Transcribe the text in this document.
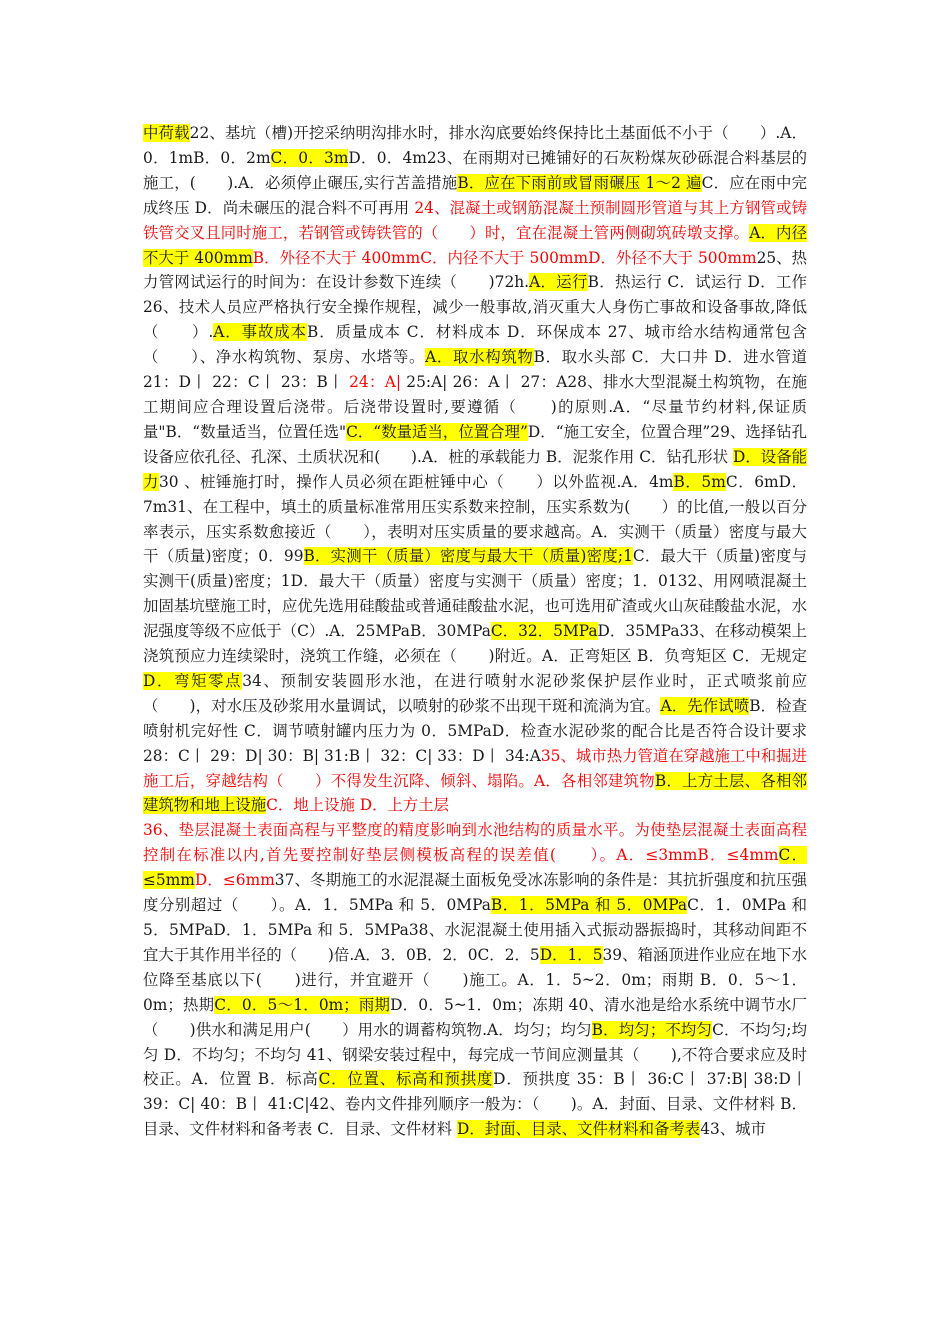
中荷载22、基坑（槽)开挖采纳明沟排水时，排水沟底要始终保持比土基面低不小于（　　）.A．0．1mB．0．2mC．0．3mD．0．4m23、在雨期对已摊铺好的石灰粉煤灰砂砾混合料基层的施工，(　　).A．必须停止碾压,实行苫盖措施B．应在下雨前或冒雨碾压 1～2 遍C．应在雨中完成终压 D．尚未碾压的混合料不可再用 24、混凝土或钢筋混凝土预制圆形管道与其上方钢管或铸铁管交叉且同时施工，若钢管或铸铁管的（　　）时，宜在混凝土管两侧砌筑砖墩支撑。A．内径不大于 400mmB．外径不大于 400mmC．内径不大于 500mmD．外径不大于 500mm25、热力管网试运行的时间为：在设计参数下连续（　　)72h.A．运行B．热运行 C．试运行 D．工作 26、技术人员应严格执行安全操作规程，减少一般事故,消灭重大人身伤亡事故和设备事故,降低（　　）.A．事故成本B．质量成本 C．材料成本 D．环保成本 27、城市给水结构通常包含（　　）、净水构筑物、泵房、水塔等。A．取水构筑物B．取水头部 C．大口井 D．进水管道 21：D丨 22：C丨 23：B丨 24：A| 25:A| 26：A丨 27：A28、排水大型混凝土构筑物，在施工期间应合理设置后浇带。后浇带设置时,要遵循（　　)的原则.A．“尽量节约材料,保证质量"B．“数量适当，位置任选"C．“数量适当，位置合理”D．“施工安全，位置合理”29、选择钻孔设备应依孔径、孔深、土质状况和(　　).A．桩的承载能力 B．泥浆作用 C．钻孔形状 D．设备能力30 、桩锤施打时，操作人员必须在距桩锤中心（　　）以外监视.A．4mB．5mC．6mD．7m31、在工程中，填土的质量标准常用压实系数来控制，压实系数为(　　）的比值,一般以百分率表示，压实系数愈接近（　　），表明对压实质量的要求越高。A．实测干（质量）密度与最大干（质量)密度；0．99B．实测干（质量）密度与最大干（质量)密度;1C．最大干（质量)密度与实测干(质量)密度；1D．最大干（质量）密度与实测干（质量）密度；1．0132、用网喷混凝土加固基坑壁施工时，应优先选用硅酸盐或普通硅酸盐水泥，也可选用矿渣或火山灰硅酸盐水泥，水泥强度等级不应低于（C）.A．25MPaB．30MPaC．32．5MPaD．35MPa33、在移动模架上浇筑预应力连续梁时，浇筑工作缝，必须在（　　)附近。A．正弯矩区 B．负弯矩区 C．无规定 D．弯矩零点34、预制安装圆形水池，在进行喷射水泥砂浆保护层作业时，正式喷浆前应（　　)，对水压及砂浆用水量调试，以喷射的砂浆不出现干斑和流淌为宜。A．先作试喷B．检查喷射机完好性 C．调节喷射罐内压力为 0．5MPaD．检查水泥砂浆的配合比是否符合设计要求 28：C丨 29：D| 30：B| 31:B丨 32：C| 33：D丨 34:A35、城市热力管道在穿越施工中和掘进施工后，穿越结构（　　）不得发生沉降、倾斜、塌陷。A．各相邻建筑物B．上方土层、各相邻建筑物和地上设施C．地上设施 D．上方土层

36、垫层混凝土表面高程与平整度的精度影响到水池结构的质量水平。为使垫层混凝土表面高程控制在标准以内,首先要控制好垫层侧模板高程的误差值(　　）。A．≤3mmB．≤4mmC．≤5mmD．≤6mm37、冬期施工的水泥混凝土面板免受冰冻影响的条件是：其抗折强度和抗压强度分别超过（　　）。A．1．5MPa 和 5．0MPaB．1．5MPa 和 5．0MPaC．1．0MPa 和 5．5MPaD．1．5MPa 和 5．5MPa38、水泥混凝土使用插入式振动器振捣时，其移动间距不宜大于其作用半径的（　　)倍.A．3．0B．2．0C．2．5D．1．539、箱涵顶进作业应在地下水位降至基底以下(　　)进行，并宜避开（　　)施工。A．1．5~2．0m；雨期 B．0．5～1．0m；热期C．0．5～1．0m；雨期D．0．5~1．0m；冻期 40、清水池是给水系统中调节水厂（　　)供水和满足用户(　　）用水的调蓄构筑物.A．均匀；均匀B．均匀；不均匀C．不均匀;均匀 D．不均匀；不均匀 41、钢梁安装过程中，每完成一节间应测量其（　　),不符合要求应及时校正。A．位置 B．标高C．位置、标高和预拱度D．预拱度 35：B丨 36:C丨 37:B| 38:D丨 39：C| 40：B丨 41:C|42、卷内文件排列顺序一般为：（　　)。A．封面、目录、文件材料 B．目录、文件材料和备考表 C．目录、文件材料 D．封面、目录、文件材料和备考表43、城市
